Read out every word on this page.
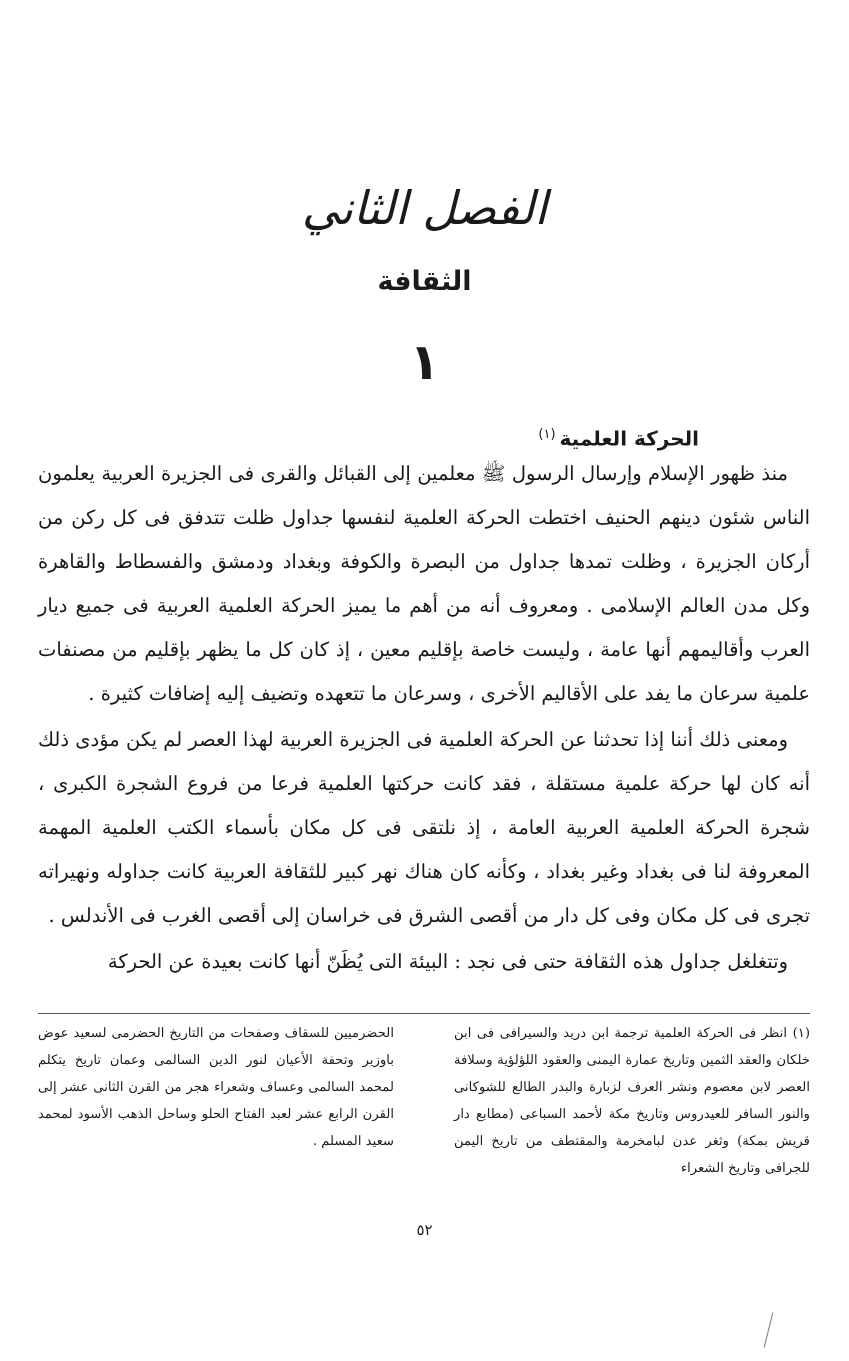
الفصل الثاني
الثقافة
١
الحركة العلمية$^{(١)}$

منذ ظهور الإسلام وإرسال الرسول ﷺ معلمين إلى القبائل والقرى فى الجزيرة العربية يعلمون الناس شئون دينهم الحنيف اختطت الحركة العلمية لنفسها جداول ظلت تتدفق فى كل ركن من أركان الجزيرة ، وظلت تمدها جداول من البصرة والكوفة وبغداد ودمشق والفسطاط والقاهرة وكل مدن العالم الإسلامى . ومعروف أنه من أهم ما يميز الحركة العلمية العربية فى جميع ديار العرب وأقاليمهم أنها عامة ، وليست خاصة بإقليم معين ، إذ كان كل ما يظهر بإقليم من مصنفات علمية سرعان ما يفد على الأقاليم الأخرى ، وسرعان ما تتعهده وتضيف إليه إضافات كثيرة .

ومعنى ذلك أننا إذا تحدثنا عن الحركة العلمية فى الجزيرة العربية لهذا العصر لم يكن مؤدى ذلك أنه كان لها حركة علمية مستقلة ، فقد كانت حركتها العلمية فرعا من فروع الشجرة الكبرى ، شجرة الحركة العلمية العربية العامة ، إذ نلتقى فى كل مكان بأسماء الكتب العلمية المهمة المعروفة لنا فى بغداد وغير بغداد ، وكأنه كان هناك نهر كبير للثقافة العربية كانت جداوله ونهيراته تجرى فى كل مكان وفى كل دار من أقصى الشرق فى خراسان إلى أقصى الغرب فى الأندلس .

وتتغلغل جداول هذه الثقافة حتى فى نجد : البيئة التى يُظَنّ أنها كانت بعيدة عن الحركة

(١) انظر فى الحركة العلمية ترجمة ابن دريد والسيرافى فى ابن خلكان والعقد الثمين وتاريخ عمارة اليمنى والعقود اللؤلؤية وسلافة العصر لابن معصوم ونشر العرف لزبارة والبدر الطالع للشوكانى والنور السافر للعيدروس وتاريخ مكة لأحمد السباعى (مطابع دار قريش بمكة) وثغر عدن لبامخرمة والمقتطف من تاريخ اليمن للجرافى وتاريخ الشعراء
الحضرميين للسقاف وصفحات من التاريخ الحضرمى لسعيد عوض باوزير وتحفة الأعيان لنور الدين السالمى وعمان تاريخ يتكلم لمحمد السالمى وعساف وشعراء هجر من القرن الثانى عشر إلى القرن الرابع عشر لعبد الفتاح الحلو وساحل الذهب الأسود لمحمد سعيد المسلم .
٥٢
